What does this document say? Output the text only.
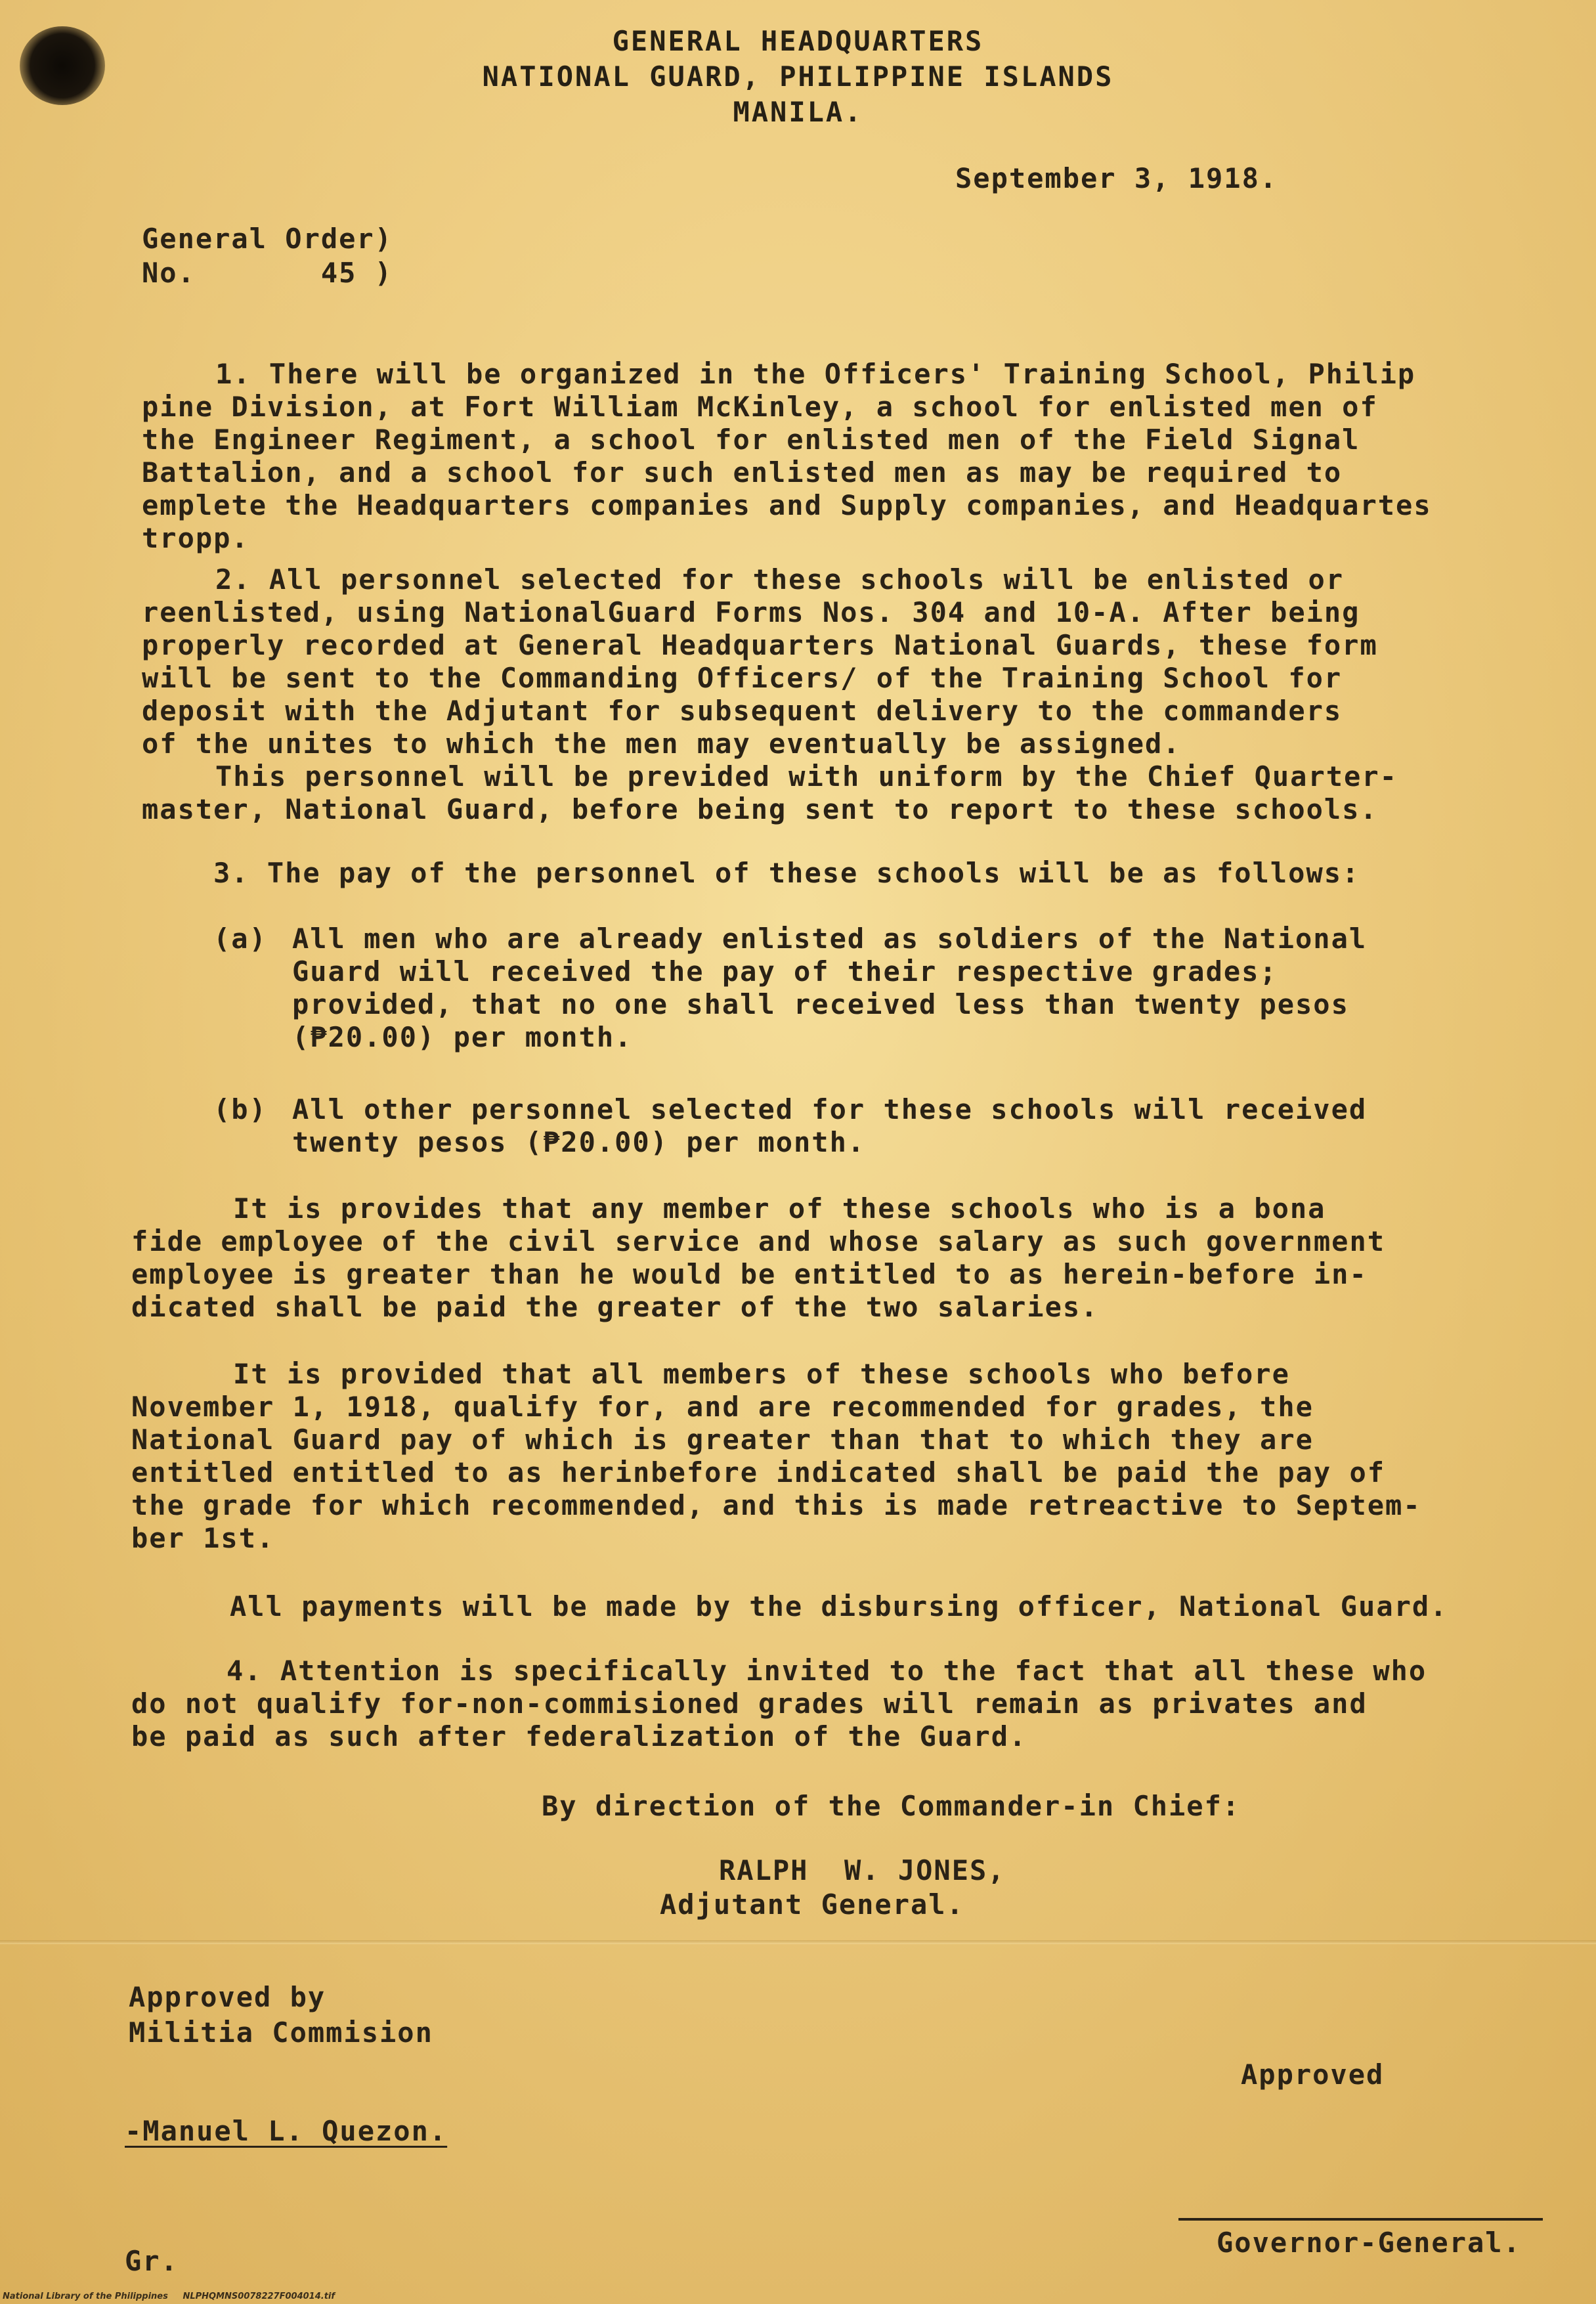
GENERAL HEADQUARTERS
NATIONAL GUARD, PHILIPPINE ISLANDS
MANILA.
September 3, 1918.
General Order)
No.       45 )
1. There will be organized in the Officers' Training School, Philip
pine Division, at Fort William McKinley, a school for enlisted men of
the Engineer Regiment, a school for enlisted men of the Field Signal
Battalion, and a school for such enlisted men as may be required to
emplete the Headquarters companies and Supply companies, and Headquartes
tropp.
2. All personnel selected for these schools will be enlisted or
reenlisted, using NationalGuard Forms Nos. 304 and 10-A. After being
properly recorded at General Headquarters National Guards, these form
will be sent to the Commanding Officers/ of the Training School for
deposit with the Adjutant for subsequent delivery to the commanders
of the unites to which the men may eventually be assigned.
This personnel will be previded with uniform by the Chief Quarter-
master, National Guard, before being sent to report to these schools.
3. The pay of the personnel of these schools will be as follows:
(a) All men who are already enlisted as soldiers of the National
Guard will received the pay of their respective grades;
provided, that no one shall received less than twenty pesos
(₱20.00) per month.
(b) All other personnel selected for these schools will received
twenty pesos (₱20.00) per month.
It is provides that any member of these schools who is a bona
fide employee of the civil service and whose salary as such government
employee is greater than he would be entitled to as herein-before in-
dicated shall be paid the greater of the two salaries.
It is provided that all members of these schools who before
November 1, 1918, qualify for, and are recommended for grades, the
National Guard pay of which is greater than that to which they are
entitled entitled to as herinbefore indicated shall be paid the pay of
the grade for which recommended, and this is made retreactive to Septem-
ber 1st.
All payments will be made by the disbursing officer, National Guard.
4. Attention is specifically invited to the fact that all these who
do not qualify for-non-commisioned grades will remain as privates and
be paid as such after federalization of the Guard.
By direction of the Commander-in Chief:
RALPH  W. JONES,
Adjutant General.
Approved by
Militia Commision
Approved
-Manuel L. Quezon.
Governor-General.
Gr.
National Library of the Philippines     NLPHQMNS0078227F004014.tif
